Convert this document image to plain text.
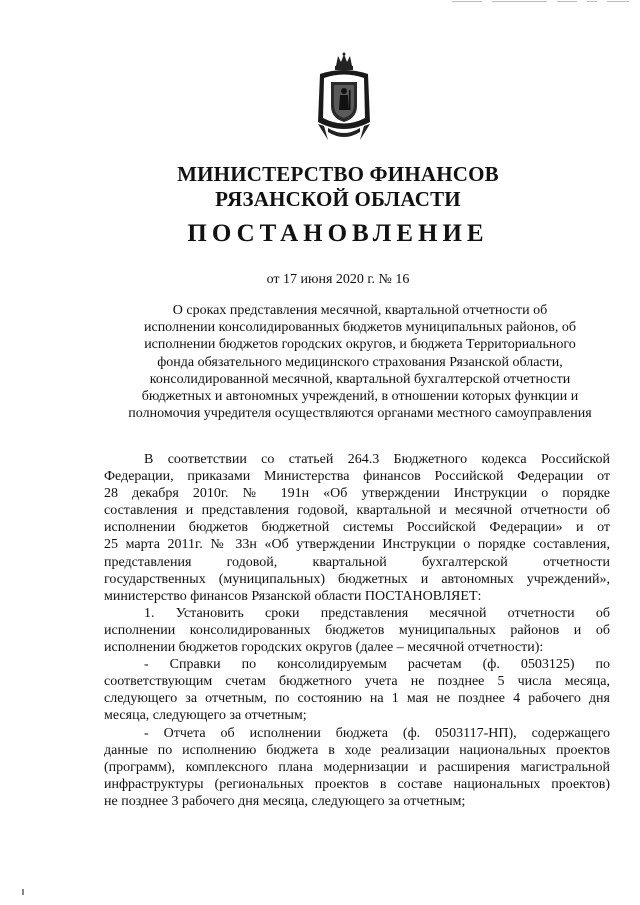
МИНИСТЕРСТВО ФИНАНСОВ
РЯЗАНСКОЙ ОБЛАСТИ
ПОСТАНОВЛЕНИЕ
от 17 июня 2020 г. № 16
О сроках представления месячной, квартальной отчетности об
исполнении консолидированных бюджетов муниципальных районов, об
исполнении бюджетов городских округов, и бюджета Территориального
фонда обязательного медицинского страхования Рязанской области,
консолидированной месячной, квартальной бухгалтерской отчетности
бюджетных и автономных учреждений, в отношении которых функции и
полномочия учредителя осуществляются органами местного самоуправления
В соответствии со статьей 264.3 Бюджетного кодекса Российской
Федерации, приказами Министерства финансов Российской Федерации от
28 декабря 2010г. № 191н «Об утверждении Инструкции о порядке
составления и представления годовой, квартальной и месячной отчетности об
исполнении бюджетов бюджетной системы Российской Федерации» и от
25 марта 2011г. № 33н «Об утверждении Инструкции о порядке составления,
представления годовой, квартальной бухгалтерской отчетности
государственных (муниципальных) бюджетных и автономных учреждений»,
министерство финансов Рязанской области ПОСТАНОВЛЯЕТ:
1. Установить сроки представления месячной отчетности об
исполнении консолидированных бюджетов муниципальных районов и об
исполнении бюджетов городских округов (далее – месячной отчетности):
- Справки по консолидируемым расчетам (ф. 0503125) по
соответствующим счетам бюджетного учета не позднее 5 числа месяца,
следующего за отчетным, по состоянию на 1 мая не позднее 4 рабочего дня
месяца, следующего за отчетным;
- Отчета об исполнении бюджета (ф. 0503117-НП), содержащего
данные по исполнению бюджета в ходе реализации национальных проектов
(программ), комплексного плана модернизации и расширения магистральной
инфраструктуры (региональных проектов в составе национальных проектов)
не позднее 3 рабочего дня месяца, следующего за отчетным;
